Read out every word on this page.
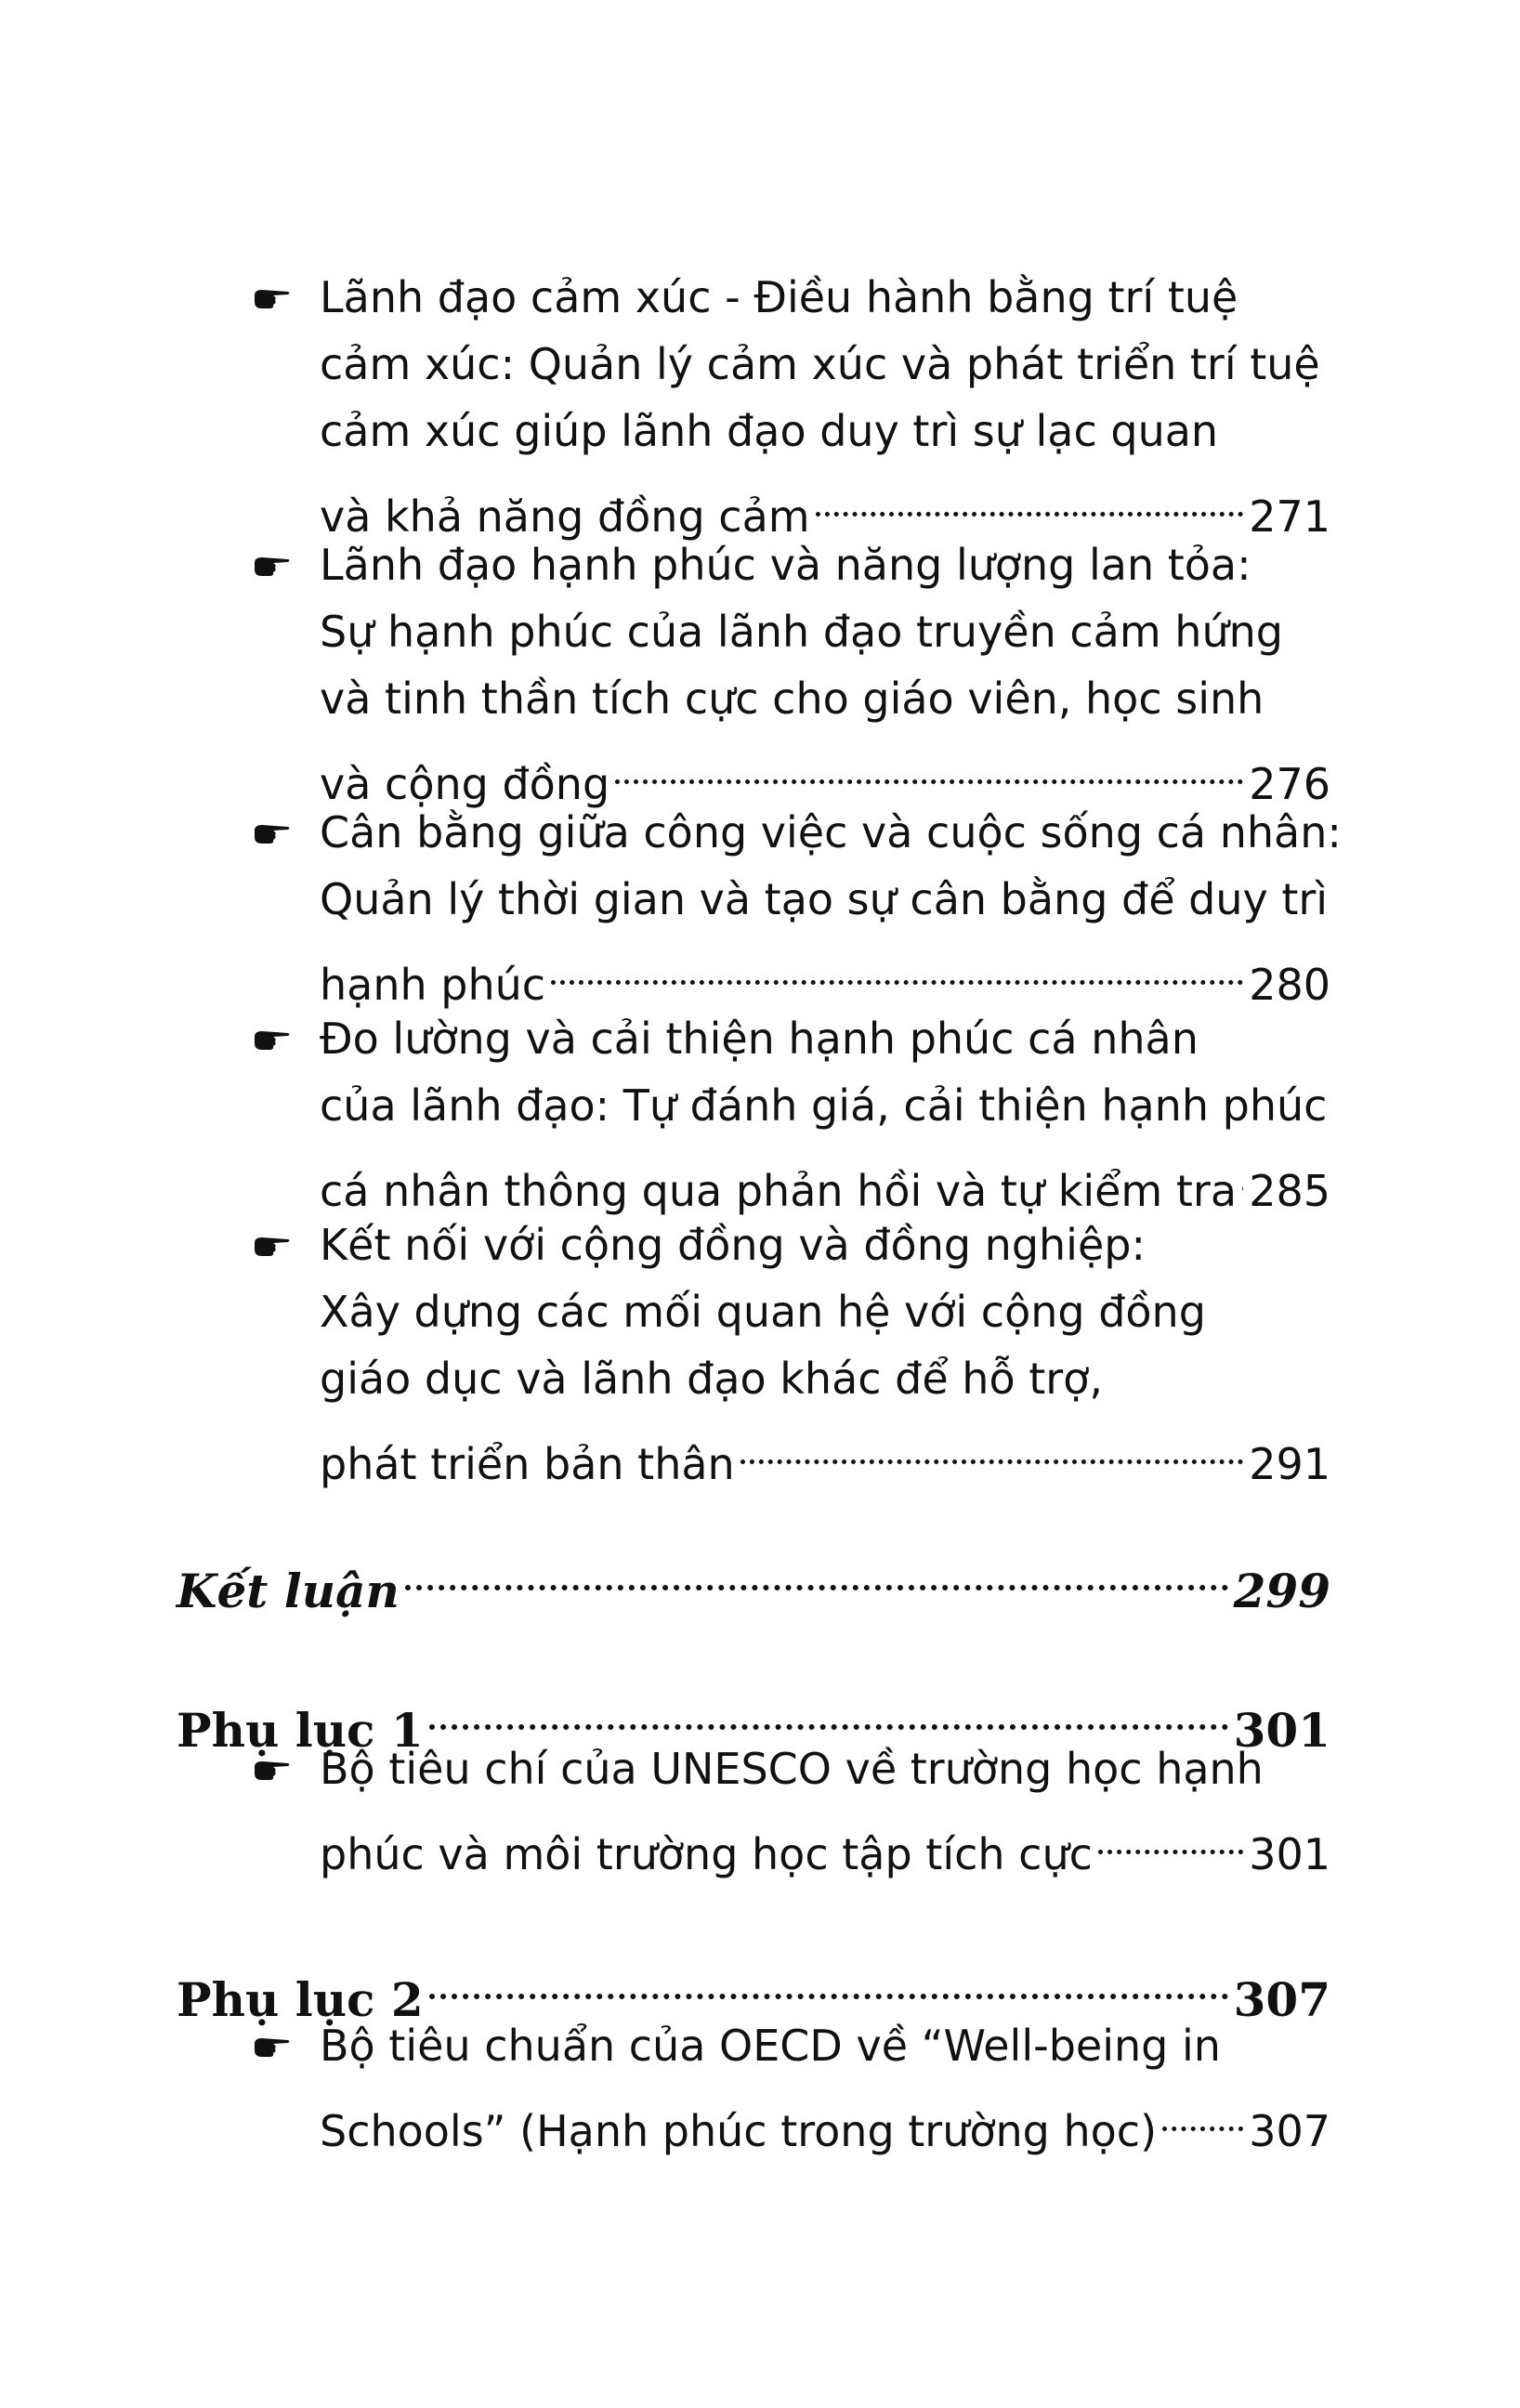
Lãnh đạo cảm xúc - Điều hành bằng trí tuệ
cảm xúc: Quản lý cảm xúc và phát triển trí tuệ
cảm xúc giúp lãnh đạo duy trì sự lạc quan
và khả năng đồng cảm	271
Lãnh đạo hạnh phúc và năng lượng lan tỏa:
Sự hạnh phúc của lãnh đạo truyền cảm hứng
và tinh thần tích cực cho giáo viên, học sinh
và cộng đồng	276
Cân bằng giữa công việc và cuộc sống cá nhân:
Quản lý thời gian và tạo sự cân bằng để duy trì
hạnh phúc	280
Đo lường và cải thiện hạnh phúc cá nhân
của lãnh đạo: Tự đánh giá, cải thiện hạnh phúc
cá nhân thông qua phản hồi và tự kiểm tra 285
Kết nối với cộng đồng và đồng nghiệp:
Xây dựng các mối quan hệ với cộng đồng
giáo dục và lãnh đạo khác để hỗ trợ,
phát triển bản thân	291
Kết luận	299
Phụ lục 1	301
Bộ tiêu chí của UNESCO về trường học hạnh
phúc và môi trường học tập tích cực	301
Phụ lục 2	307
Bộ tiêu chuẩn của OECD về “Well-being in
Schools” (Hạnh phúc trong trường học) 307
